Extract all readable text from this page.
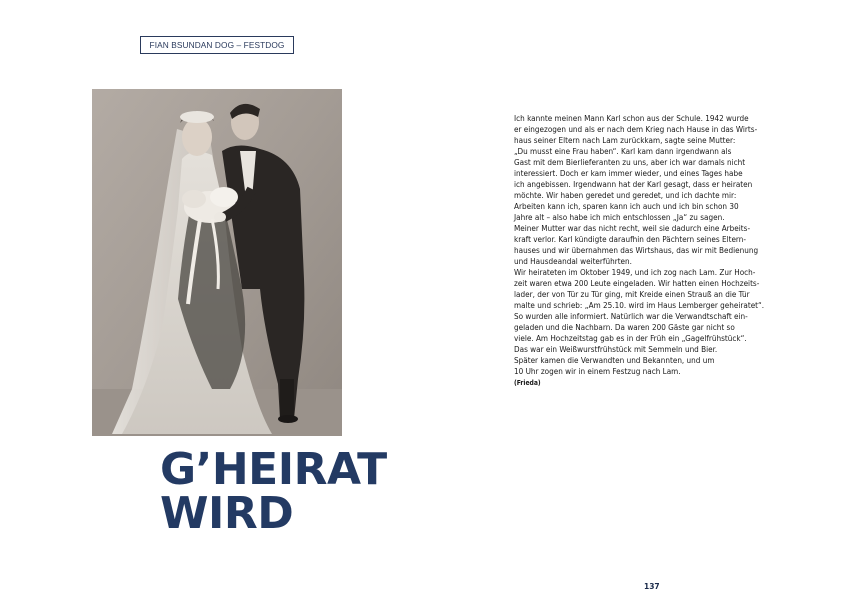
FIAN BSUNDAN DOG – FESTDOG
G’HEIRAT
WIRD
Ich kannte meinen Mann Karl schon aus der Schule. 1942 wurde
er eingezogen und als er nach dem Krieg nach Hause in das Wirts-
haus seiner Eltern nach Lam zurückkam, sagte seine Mutter:
„Du musst eine Frau haben“. Karl kam dann irgendwann als
Gast mit dem Bierlieferanten zu uns, aber ich war damals nicht
interessiert. Doch er kam immer wieder, und eines Tages habe
ich angebissen. Irgendwann hat der Karl gesagt, dass er heiraten
möchte. Wir haben geredet und geredet, und ich dachte mir:
Arbeiten kann ich, sparen kann ich auch und ich bin schon 30
Jahre alt – also habe ich mich entschlossen „Ja“ zu sagen.
Meiner Mutter war das nicht recht, weil sie dadurch eine Arbeits-
kraft verlor. Karl kündigte daraufhin den Pächtern seines Eltern-
hauses und wir übernahmen das Wirtshaus, das wir mit Bedienung
und Hausdeandal weiterführten.
Wir heirateten im Oktober 1949, und ich zog nach Lam. Zur Hoch-
zeit waren etwa 200 Leute eingeladen. Wir hatten einen Hochzeits-
lader, der von Tür zu Tür ging, mit Kreide einen Strauß an die Tür
malte und schrieb: „Am 25.10. wird im Haus Lemberger geheiratet“.
So wurden alle informiert. Natürlich war die Verwandtschaft ein-
geladen und die Nachbarn. Da waren 200 Gäste gar nicht so
viele. Am Hochzeitstag gab es in der Früh ein „Gagelfrühstück“.
Das war ein Weißwurstfrühstück mit Semmeln und Bier.
Später kamen die Verwandten und Bekannten, und um
10 Uhr zogen wir in einem Festzug nach Lam.
(Frieda)
137
